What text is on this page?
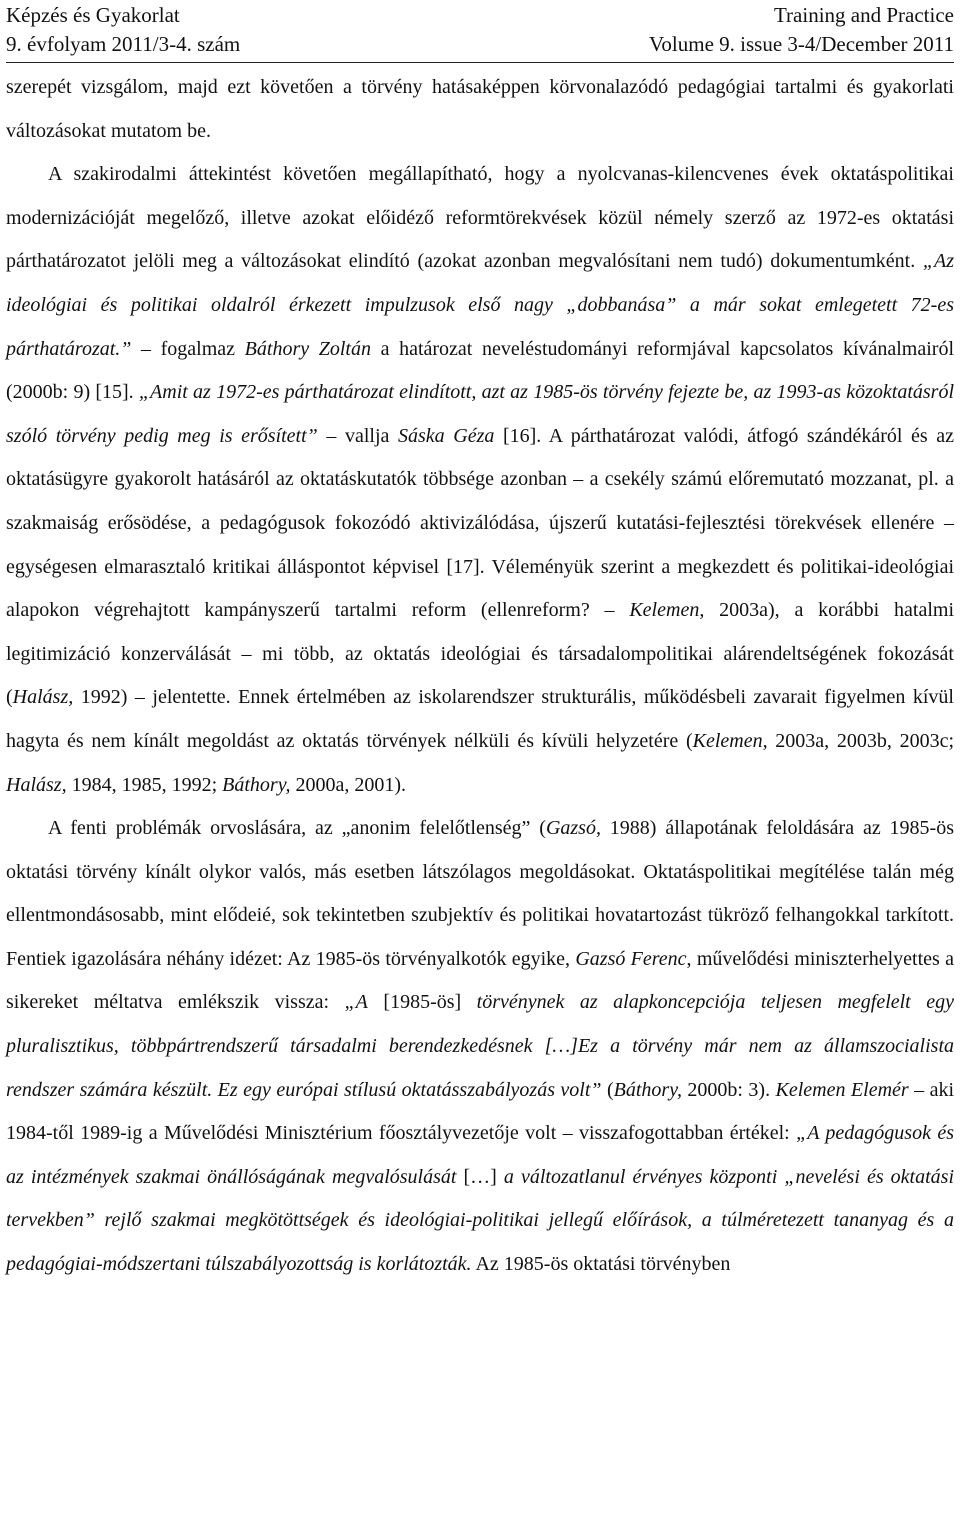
Képzés és Gyakorlat	Training and Practice
9. évfolyam 2011/3-4. szám	Volume 9. issue 3-4/December 2011

szerepét vizsgálom, majd ezt követően a törvény hatásaképpen körvonalazódó pedagógiai tartalmi és gyakorlati változásokat mutatom be.

A szakirodalmi áttekintést követően megállapítható, hogy a nyolcvanas-kilencvenes évek oktatáspolitikai modernizációját megelőző, illetve azokat előidéző reformtörekvések közül némely szerző az 1972-es oktatási párthatározatot jelöli meg a változásokat elindító (azokat azonban megvalósítani nem tudó) dokumentumként. „Az ideológiai és politikai oldalról érkezett impulzusok első nagy „dobbanása” a már sokat emlegetett 72-es párthatározat.” – fogalmaz Báthory Zoltán a határozat neveléstudományi reformjával kapcsolatos kívánalmairól (2000b: 9) [15]. „Amit az 1972-es párthatározat elindított, azt az 1985-ös törvény fejezte be, az 1993-as közoktatásról szóló törvény pedig meg is erősített” – vallja Sáska Géza [16]. A párthatározat valódi, átfogó szándékáról és az oktatásügyre gyakorolt hatásáról az oktatáskutatók többsége azonban – a csekély számú előremutató mozzanat, pl. a szakmaiság erősödése, a pedagógusok fokozódó aktivizálódása, újszerű kutatási-fejlesztési törekvések ellenére – egységesen elmarasztaló kritikai álláspontot képvisel [17]. Véleményük szerint a megkezdett és politikai-ideológiai alapokon végrehajtott kampányszerű tartalmi reform (ellenreform? – Kelemen, 2003a), a korábbi hatalmi legitimizáció konzerválását – mi több, az oktatás ideológiai és társadalompolitikai alárendeltségének fokozását (Halász, 1992) – jelentette. Ennek értelmében az iskolarendszer strukturális, működésbeli zavarait figyelmen kívül hagyta és nem kínált megoldást az oktatás törvények nélküli és kívüli helyzetére (Kelemen, 2003a, 2003b, 2003c; Halász, 1984, 1985, 1992; Báthory, 2000a, 2001).

A fenti problémák orvoslására, az „anonim felelőtlenség” (Gazsó, 1988) állapotának feloldására az 1985-ös oktatási törvény kínált olykor valós, más esetben látszólagos megoldásokat. Oktatáspolitikai megítélése talán még ellentmondásosabb, mint elődeié, sok tekintetben szubjektív és politikai hovatartozást tükröző felhangokkal tarkított. Fentiek igazolására néhány idézet: Az 1985-ös törvényalkotók egyike, Gazsó Ferenc, művelődési miniszterhelyettes a sikereket méltatva emlékszik vissza: „A [1985-ös] törvénynek az alapkoncepciója teljesen megfelelt egy pluralisztikus, többpártrendszerű társadalmi berendezkedésnek […]Ez a törvény már nem az államszocialista rendszer számára készült. Ez egy európai stílusú oktatásszabályozás volt” (Báthory, 2000b: 3). Kelemen Elemér – aki 1984-től 1989-ig a Művelődési Minisztérium főosztályvezetője volt – visszafogottabban értékel: „A pedagógusok és az intézmények szakmai önállóságának megvalósulását […] a változatlanul érvényes központi „nevelési és oktatási tervekben” rejlő szakmai megkötöttségek és ideológiai-politikai jellegű előírások, a túlméretezett tananyag és a pedagógiai-módszertani túlszabályozottság is korlátozták. Az 1985-ös oktatási törvényben
